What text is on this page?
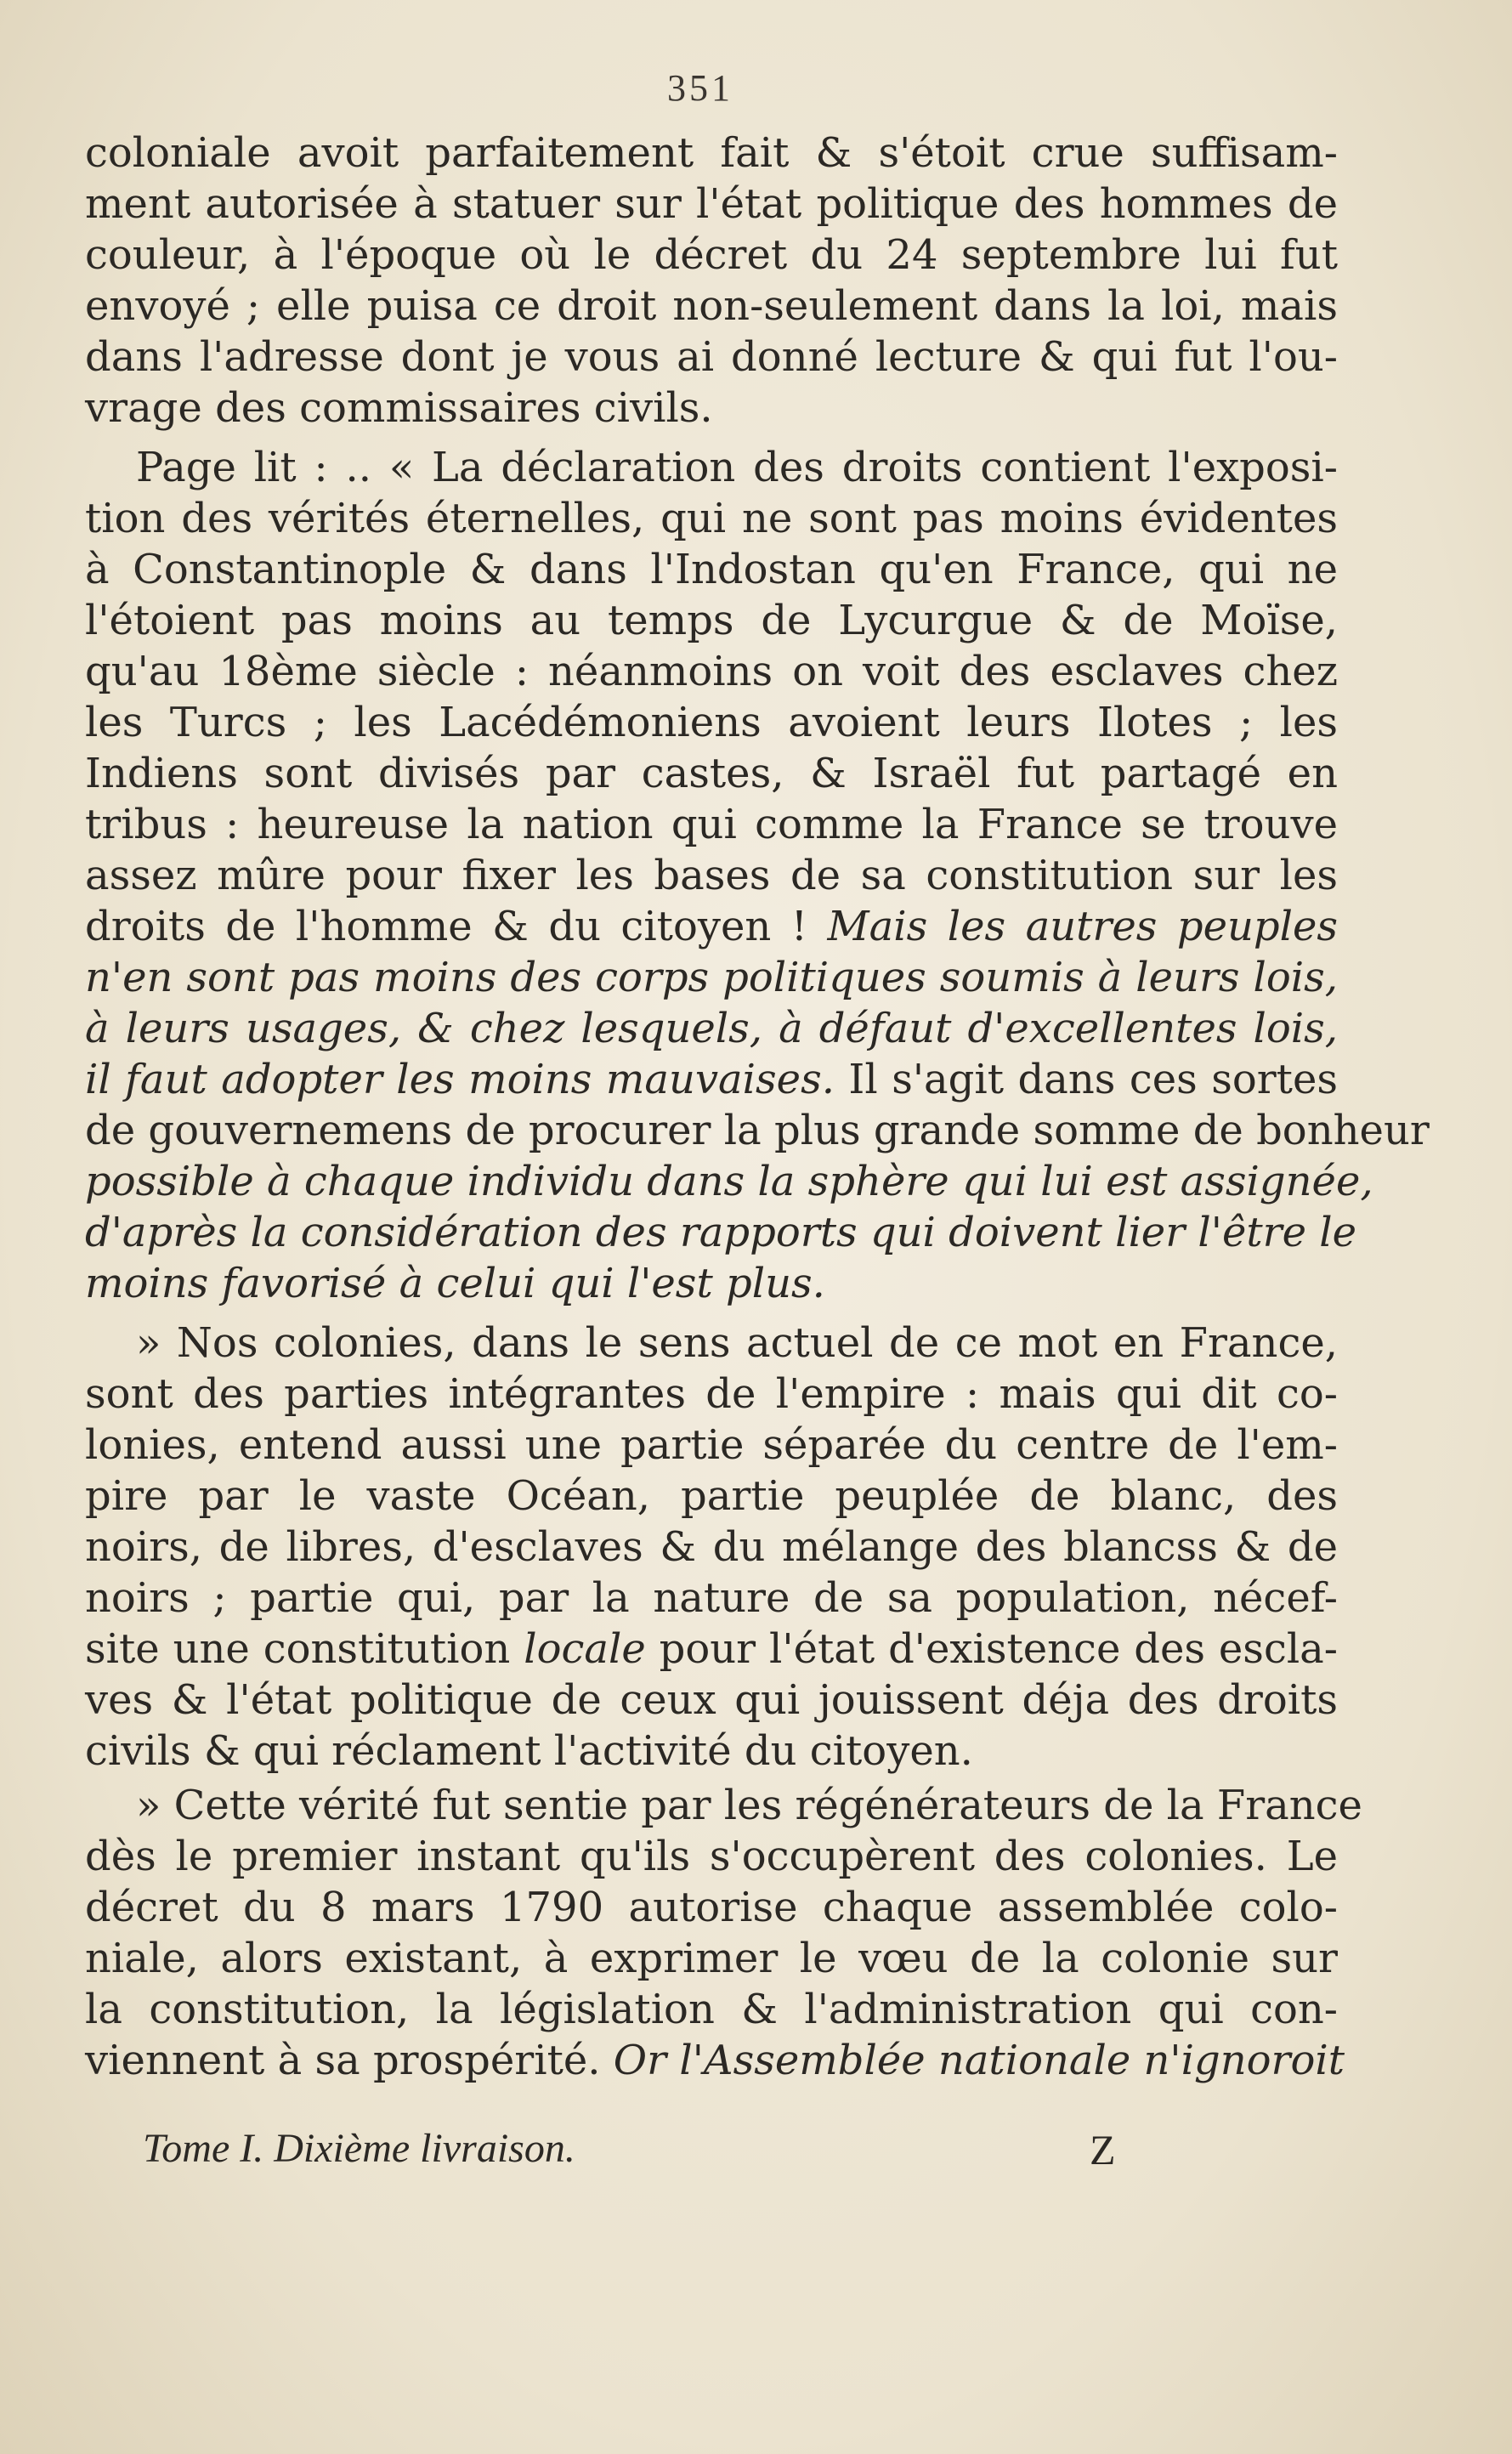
351
coloniale avoit parfaitement fait & s'étoit crue suffisam-
ment autorisée à statuer sur l'état politique des hommes de
couleur, à l'époque où le décret du 24 septembre lui fut
envoyé ; elle puisa ce droit non-seulement dans la loi, mais
dans l'adresse dont je vous ai donné lecture & qui fut l'ou-
vrage des commissaires civils.
Page lit : .. « La déclaration des droits contient l'exposi-
tion des vérités éternelles, qui ne sont pas moins évidentes
à Constantinople & dans l'Indostan qu'en France, qui ne
l'étoient pas moins au temps de Lycurgue & de Moïse,
qu'au 18ème siècle : néanmoins on voit des esclaves chez
les Turcs ; les Lacédémoniens avoient leurs Ilotes ; les
Indiens sont divisés par castes, & Israël fut partagé en
tribus : heureuse la nation qui comme la France se trouve
assez mûre pour fixer les bases de sa constitution sur les
droits de l'homme & du citoyen ! Mais les autres peuples
n'en sont pas moins des corps politiques soumis à leurs lois,
à leurs usages, & chez lesquels, à défaut d'excellentes lois,
il faut adopter les moins mauvaises. Il s'agit dans ces sortes
de gouvernemens de procurer la plus grande somme de bonheur
possible à chaque individu dans la sphère qui lui est assignée,
d'après la considération des rapports qui doivent lier l'être le
moins favorisé à celui qui l'est plus.
» Nos colonies, dans le sens actuel de ce mot en France,
sont des parties intégrantes de l'empire : mais qui dit co-
lonies, entend aussi une partie séparée du centre de l'em-
pire par le vaste Océan, partie peuplée de blanc, des
noirs, de libres, d'esclaves & du mélange des blancss & de
noirs ; partie qui, par la nature de sa population, nécef-
site une constitution locale pour l'état d'existence des escla-
ves & l'état politique de ceux qui jouissent déja des droits
civils & qui réclament l'activité du citoyen.
» Cette vérité fut sentie par les régénérateurs de la France
dès le premier instant qu'ils s'occupèrent des colonies. Le
décret du 8 mars 1790 autorise chaque assemblée colo-
niale, alors existant, à exprimer le vœu de la colonie sur
la constitution, la législation & l'administration qui con-
viennent à sa prospérité. Or l'Assemblée nationale n'ignoroit
Tome I. Dixième livraison.	Z
